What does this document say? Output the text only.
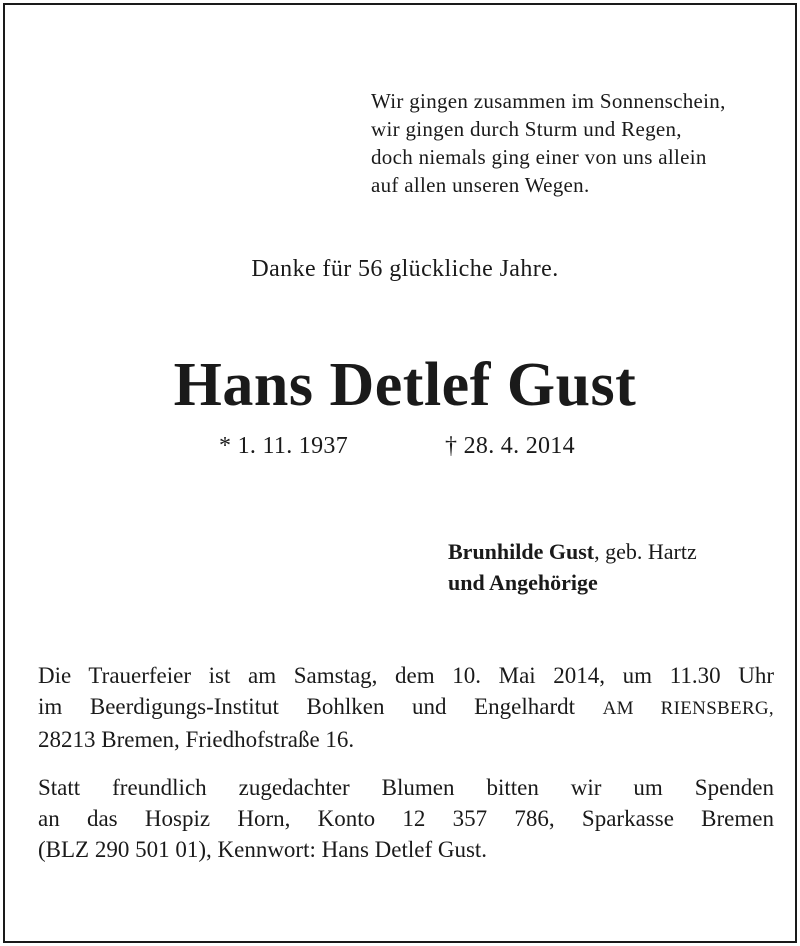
Wir gingen zusammen im Sonnenschein,
wir gingen durch Sturm und Regen,
doch niemals ging einer von uns allein
auf allen unseren Wegen.
Danke für 56 glückliche Jahre.
Hans Detlef Gust
* 1. 11. 1937	† 28. 4. 2014
Brunhilde Gust, geb. Hartz
und Angehörige
Die Trauerfeier ist am Samstag, dem 10. Mai 2014, um 11.30 Uhr
im Beerdigungs-Institut Bohlken und Engelhardt AM RIENSBERG,
28213 Bremen, Friedhofstraße 16.
Statt freundlich zugedachter Blumen bitten wir um Spenden
an das Hospiz Horn, Konto 12 357 786, Sparkasse Bremen
(BLZ 290 501 01), Kennwort: Hans Detlef Gust.
